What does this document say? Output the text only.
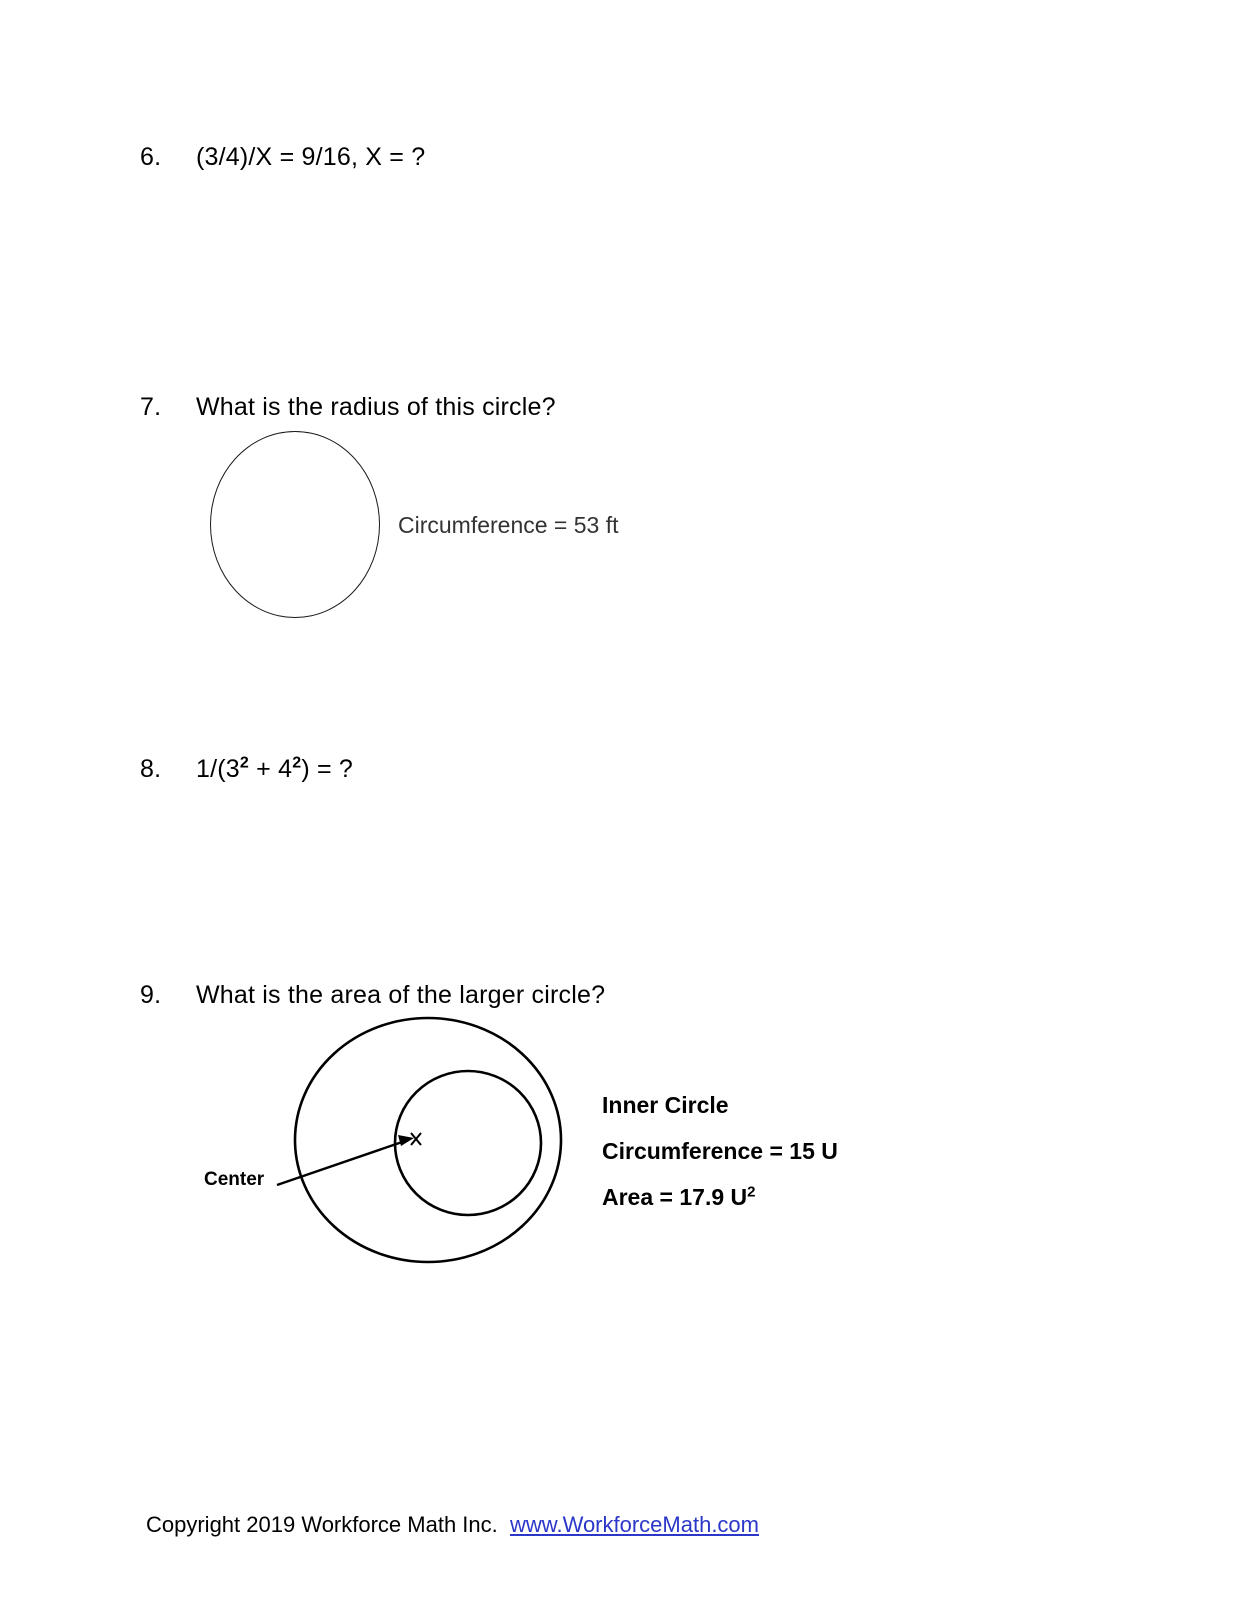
6.	(3/4)/X = 9/16, X = ?
7.	What is the radius of this circle?
Circumference = 53 ft
8.	$1/(3^2 + 4^2)$ = ?
9.	What is the area of the larger circle?
Center
Inner Circle
Circumference = 15 U
Area = 17.9 $U^2$
Copyright 2019 Workforce Math Inc. www.WorkforceMath.com
